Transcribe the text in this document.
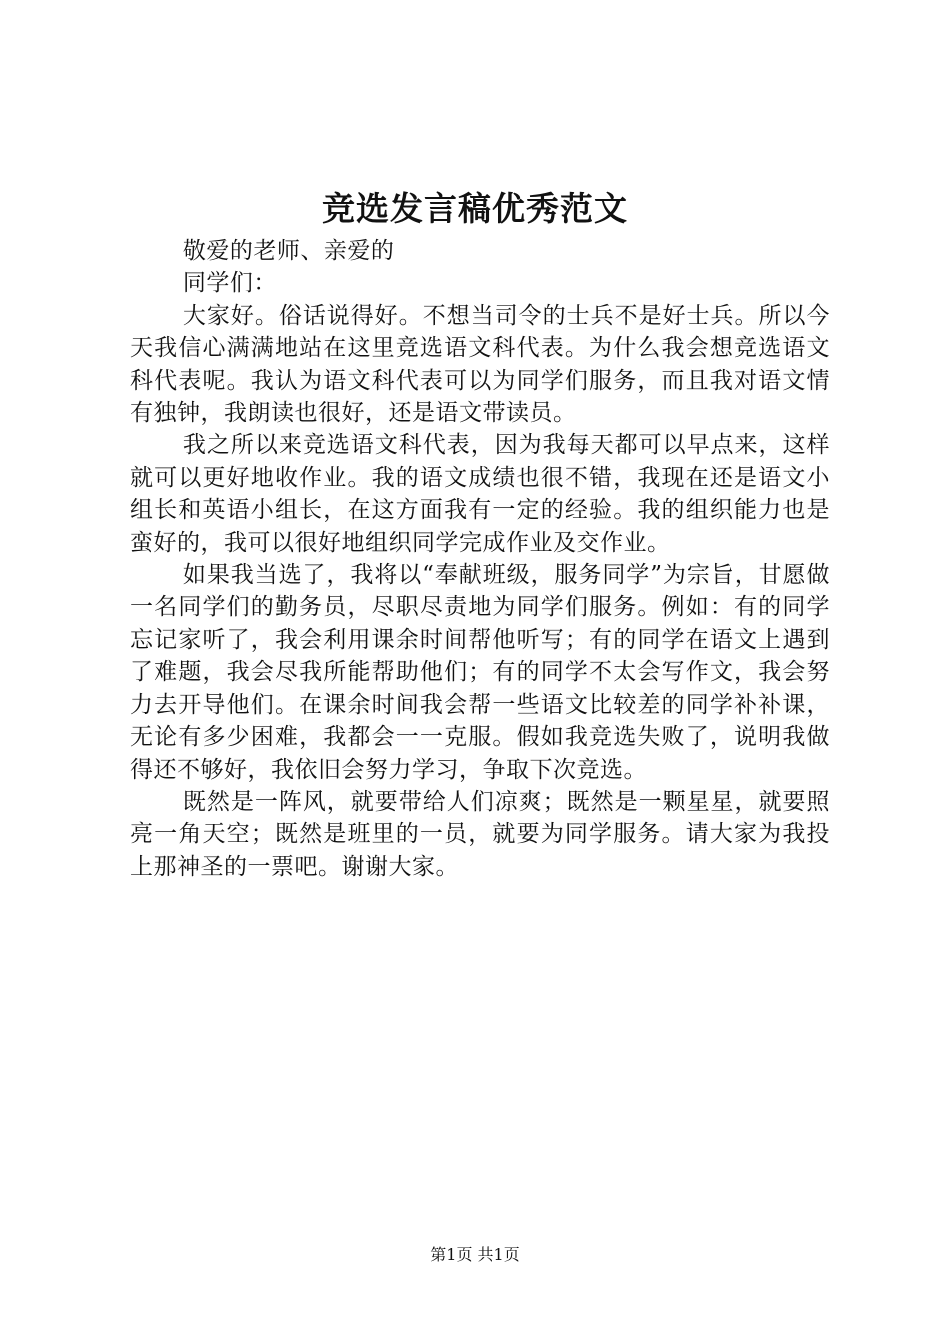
竞选发言稿优秀范文

敬爱的老师、亲爱的

同学们：

大家好。俗话说得好。不想当司令的士兵不是好士兵。所以今天我信心满满地站在这里竞选语文科代表。为什么我会想竞选语文科代表呢。我认为语文科代表可以为同学们服务，而且我对语文情有独钟，我朗读也很好，还是语文带读员。

我之所以来竞选语文科代表，因为我每天都可以早点来，这样就可以更好地收作业。我的语文成绩也很不错，我现在还是语文小组长和英语小组长，在这方面我有一定的经验。我的组织能力也是蛮好的，我可以很好地组织同学完成作业及交作业。

如果我当选了，我将以“奉献班级，服务同学”为宗旨，甘愿做一名同学们的勤务员，尽职尽责地为同学们服务。例如：有的同学忘记家听了，我会利用课余时间帮他听写；有的同学在语文上遇到了难题，我会尽我所能帮助他们；有的同学不太会写作文，我会努力去开导他们。在课余时间我会帮一些语文比较差的同学补补课，无论有多少困难，我都会一一克服。假如我竞选失败了，说明我做得还不够好，我依旧会努力学习，争取下次竞选。

既然是一阵风，就要带给人们凉爽；既然是一颗星星，就要照亮一角天空；既然是班里的一员，就要为同学服务。请大家为我投上那神圣的一票吧。谢谢大家。

第1页 共1页
